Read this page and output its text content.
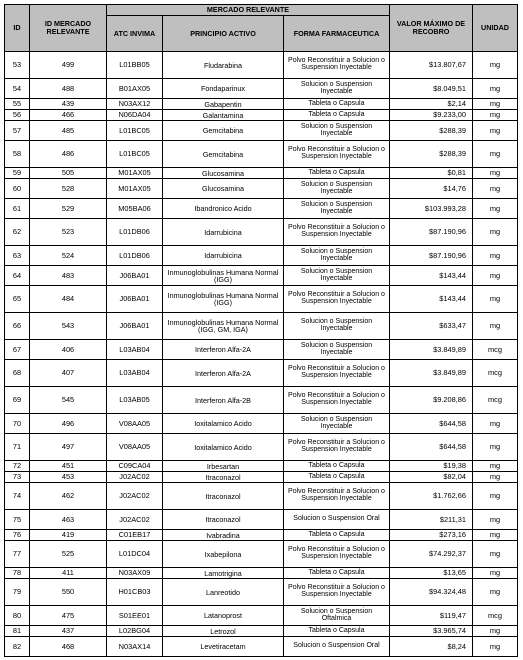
ID	ID MERCADO RELEVANTE	MERCADO RELEVANTE			VALOR MÁXIMO DE RECOBRO	UNIDAD
		ATC INVIMA	PRINCIPIO ACTIVO	FORMA FARMACEUTICA		
53	499	L01BB05	Fludarabina	Polvo Reconstituir a Solucion o Suspension Inyectable	$13.807,67	mg
54	488	B01AX05	Fondaparinux	Solucion o Suspension Inyectable	$8.049,51	mg
55	439	N03AX12	Gabapentin	Tableta o Capsula	$2,14	mg
56	466	N06DA04	Galantamina	Tableta o Capsula	$9.233,00	mg
57	485	L01BC05	Gemcitabina	Solucion o Suspension Inyectable	$288,39	mg
58	486	L01BC05	Gemcitabina	Polvo Reconstituir a Solucion o Suspension Inyectable	$288,39	mg
59	505	M01AX05	Glucosamina	Tableta o Capsula	$0,81	mg
60	528	M01AX05	Glucosamina	Solucion o Suspension Inyectable	$14,76	mg
61	529	M05BA06	Ibandronico Acido	Solucion o Suspension Inyectable	$103.993,28	mg
62	523	L01DB06	Idarrubicina	Polvo Reconstituir a Solucion o Suspension Inyectable	$87.190,96	mg
63	524	L01DB06	Idarrubicina	Solucion o Suspension Inyectable	$87.190,96	mg
64	483	J06BA01	Inmunoglobulinas Humana Normal (IGG)	Solucion o Suspension Inyectable	$143,44	mg
65	484	J06BA01	Inmunoglobulinas Humana Normal (IGG)	Polvo Reconstituir a Solucion o Suspension Inyectable	$143,44	mg
66	543	J06BA01	Inmunoglobulinas Humana Normal (IGG, GM, IGA)	Solucion o Suspension Inyectable	$633,47	mg
67	406	L03AB04	Interferon Alfa-2A	Solucion o Suspension Inyectable	$3.849,89	mcg
68	407	L03AB04	Interferon Alfa-2A	Polvo Reconstituir a Solucion o Suspension Inyectable	$3.849,89	mcg
69	545	L03AB05	Interferon Alfa-2B	Polvo Reconstituir a Solucion o Suspension Inyectable	$9.208,86	mcg
70	496	V08AA05	Ioxitalamico Acido	Solucion o Suspension Inyectable	$644,58	mg
71	497	V08AA05	Ioxitalamico Acido	Polvo Reconstituir a Solucion o Suspension Inyectable	$644,58	mg
72	451	C09CA04	Irbesartan	Tableta o Capsula	$19,38	mg
73	453	J02AC02	Itraconazol	Tableta o Capsula	$82,04	mg
74	462	J02AC02	Itraconazol	Polvo Reconstituir a Solucion o Suspension Inyectable	$1.762,66	mg
75	463	J02AC02	Itraconazol	Solucion o Suspension Oral	$211,31	mg
76	419	C01EB17	Ivabradina	Tableta o Capsula	$273,16	mg
77	525	L01DC04	Ixabepilona	Polvo Reconstituir a Solucion o Suspension Inyectable	$74.292,37	mg
78	411	N03AX09	Lamotrigina	Tableta o Capsula	$13,65	mg
79	550	H01CB03	Lanreotido	Polvo Reconstituir a Solucion o Suspension Inyectable	$94.324,48	mg
80	475	S01EE01	Latanoprost	Solucion o Suspension Oftalmica	$119,47	mcg
81	437	L02BG04	Letrozol	Tableta o Capsula	$3.965,74	mg
82	468	N03AX14	Levetiracetam	Solucion o Suspension Oral	$8,24	mg
